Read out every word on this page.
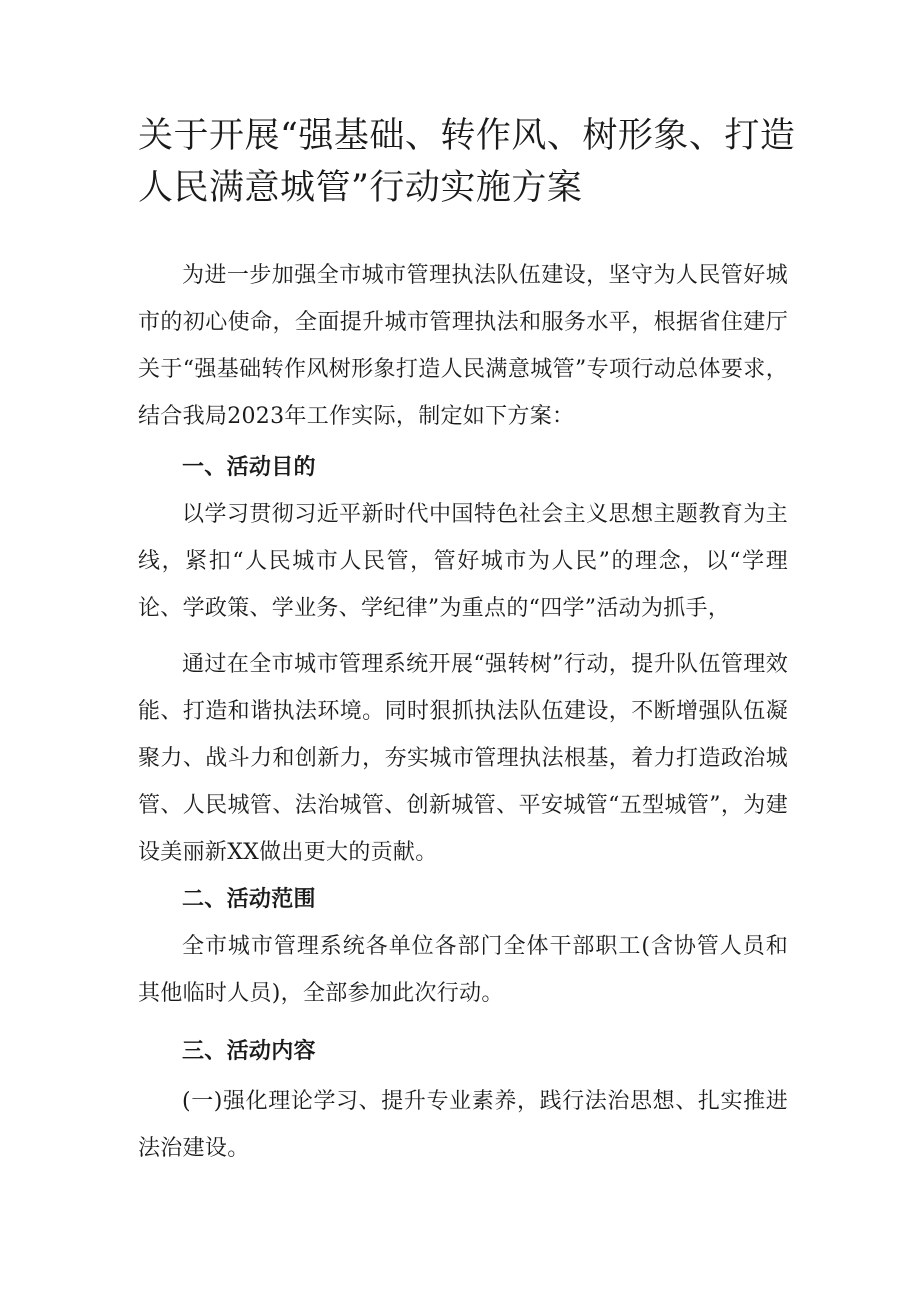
关于开展“强基础、转作风、树形象、打造人民满意城管”行动实施方案

为进一步加强全市城市管理执法队伍建设，坚守为人民管好城市的初心使命，全面提升城市管理执法和服务水平，根据省住建厅关于“强基础转作风树形象打造人民满意城管”专项行动总体要求，结合我局2023年工作实际，制定如下方案：

一、活动目的

以学习贯彻习近平新时代中国特色社会主义思想主题教育为主线，紧扣“人民城市人民管，管好城市为人民”的理念，以“学理论、学政策、学业务、学纪律”为重点的“四学”活动为抓手，

通过在全市城市管理系统开展“强转树”行动，提升队伍管理效能、打造和谐执法环境。同时狠抓执法队伍建设，不断增强队伍凝聚力、战斗力和创新力，夯实城市管理执法根基，着力打造政治城管、人民城管、法治城管、创新城管、平安城管“五型城管”，为建设美丽新XX做出更大的贡献。

二、活动范围

全市城市管理系统各单位各部门全体干部职工(含协管人员和其他临时人员)，全部参加此次行动。

三、活动内容

(一)强化理论学习、提升专业素养，践行法治思想、扎实推进法治建设。
